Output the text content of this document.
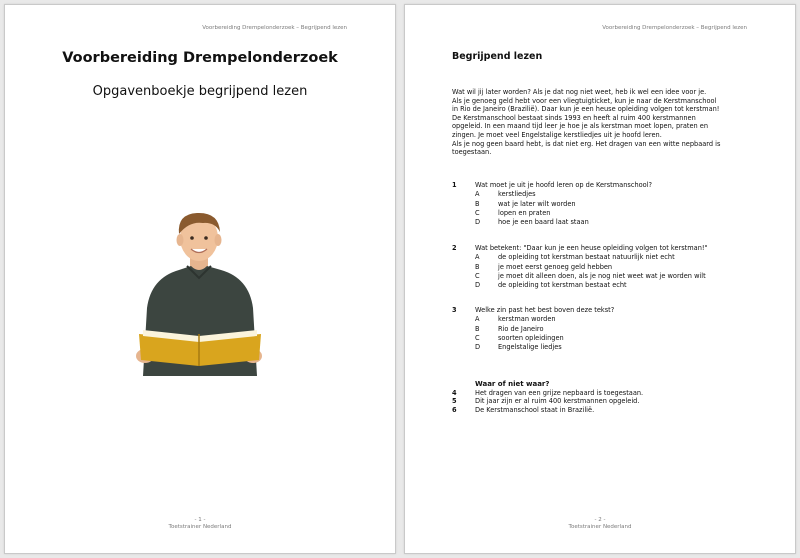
Voorbereiding Drempelonderzoek – Begrijpend lezen
Voorbereiding Drempelonderzoek
Opgavenboekje begrijpend lezen
- 1 -
Toetstrainer Nederland
Voorbereiding Drempelonderzoek – Begrijpend lezen
Begrijpend lezen

Wat wil jij later worden? Als je dat nog niet weet, heb ik wel een idee voor je.

Als je genoeg geld hebt voor een vliegtuigticket, kun je naar de Kerstmanschool

in Rio de Janeiro (Brazilië). Daar kun je een heuse opleiding volgen tot kerstman!

De Kerstmanschool bestaat sinds 1993 en heeft al ruim 400 kerstmannen

opgeleid. In een maand tijd leer je hoe je als kerstman moet lopen, praten en

zingen. Je moet veel Engelstalige kerstliedjes uit je hoofd leren.

Als je nog geen baard hebt, is dat niet erg. Het dragen van een witte nepbaard is

toegestaan.

1	Wat moet je uit je hoofd leren op de Kerstmanschool?
A	kerstliedjes
B	wat je later wilt worden
C	lopen en praten
D	hoe je een baard laat staan
2	Wat betekent: "Daar kun je een heuse opleiding volgen tot kerstman!"
A	de opleiding tot kerstman bestaat natuurlijk niet echt
B	je moet eerst genoeg geld hebben
C	je moet dit alleen doen, als je nog niet weet wat je worden wilt
D	de opleiding tot kerstman bestaat echt
3	Welke zin past het best boven deze tekst?
A	kerstman worden
B	Rio de Janeiro
C	soorten opleidingen
D	Engelstalige liedjes
Waar of niet waar?
4	Het dragen van een grijze nepbaard is toegestaan.
5	Dit jaar zijn er al ruim 400 kerstmannen opgeleid.
6	De Kerstmanschool staat in Brazilië.
- 2 -
Toetstrainer Nederland
